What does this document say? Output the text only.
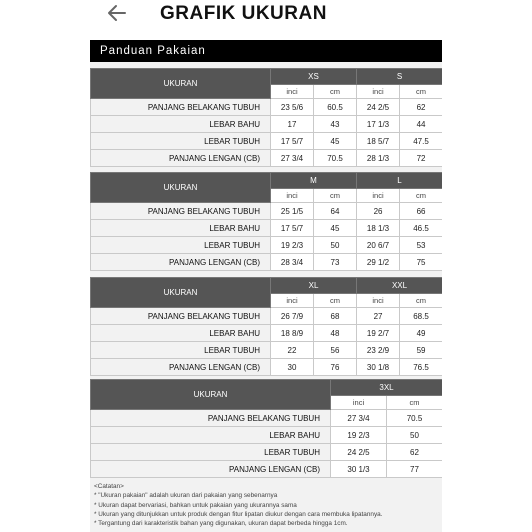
GRAFIK UKURAN
Panduan Pakaian
UKURAN	XS		S	
	inci	cm	inci	cm
PANJANG BELAKANG TUBUH	23 5/6	60.5	24 2/5	62
LEBAR BAHU	17	43	17 1/3	44
LEBAR TUBUH	17 5/7	45	18 5/7	47.5
PANJANG LENGAN (CB)	27 3/4	70.5	28 1/3	72
UKURAN	M		L	
	inci	cm	inci	cm
PANJANG BELAKANG TUBUH	25 1/5	64	26	66
LEBAR BAHU	17 5/7	45	18 1/3	46.5
LEBAR TUBUH	19 2/3	50	20 6/7	53
PANJANG LENGAN (CB)	28 3/4	73	29 1/2	75
UKURAN	XL		XXL	
	inci	cm	inci	cm
PANJANG BELAKANG TUBUH	26 7/9	68	27	68.5
LEBAR BAHU	18 8/9	48	19 2/7	49
LEBAR TUBUH	22	56	23 2/9	59
PANJANG LENGAN (CB)	30	76	30 1/8	76.5
UKURAN	3XL	
	inci	cm
PANJANG BELAKANG TUBUH	27 3/4	70.5
LEBAR BAHU	19 2/3	50
LEBAR TUBUH	24 2/5	62
PANJANG LENGAN (CB)	30 1/3	77
<Catatan>
* "Ukuran pakaian" adalah ukuran dari pakaian yang sebenarnya
* Ukuran dapat bervariasi, bahkan untuk pakaian yang ukurannya sama
* Ukuran yang ditunjukkan untuk produk dengan fitur lipatan diukur dengan cara membuka lipatannya.
* Tergantung dari karakteristik bahan yang digunakan, ukuran dapat berbeda hingga 1cm.
